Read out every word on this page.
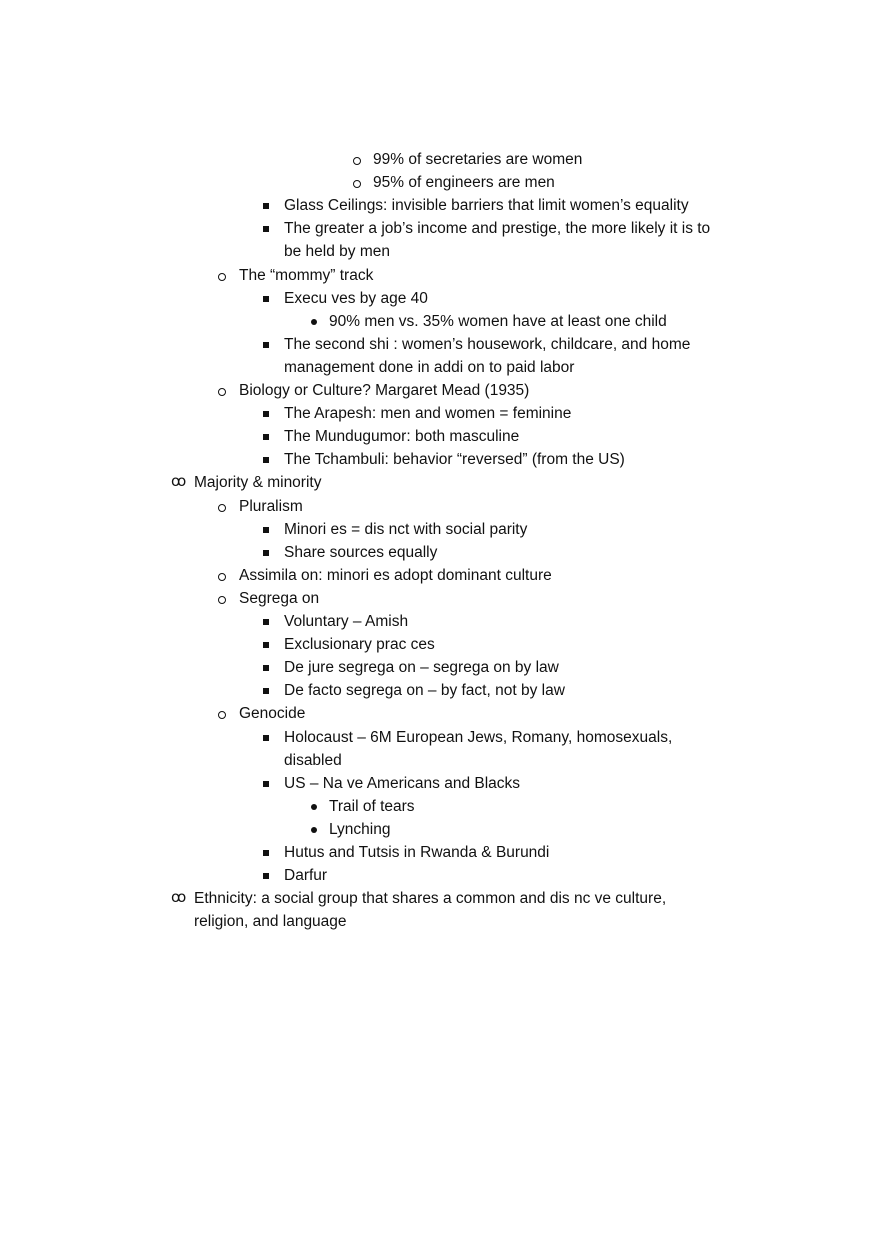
99% of secretaries are women
95% of engineers are men
Glass Ceilings: invisible barriers that limit women’s equality
The greater a job’s income and prestige, the more likely it is to
be held by men
The “mommy” track
Execu ves by age 40
90% men vs. 35% women have at least one child
The second shi : women’s housework, childcare, and home
management done in addi on to paid labor
Biology or Culture? Margaret Mead (1935)
The Arapesh: men and women = feminine
The Mundugumor: both masculine
The Tchambuli: behavior “reversed” (from the US)
ꝏ Majority & minority
Pluralism
Minori es = dis nct with social parity
Share sources equally
Assimila on: minori es adopt dominant culture
Segrega on
Voluntary – Amish
Exclusionary prac ces
De jure segrega on – segrega on by law
De facto segrega on – by fact, not by law
Genocide
Holocaust – 6M European Jews, Romany, homosexuals,
disabled
US – Na ve Americans and Blacks
Trail of tears
Lynching
Hutus and Tutsis in Rwanda & Burundi
Darfur
ꝏ Ethnicity: a social group that shares a common and dis nc ve culture,
religion, and language
